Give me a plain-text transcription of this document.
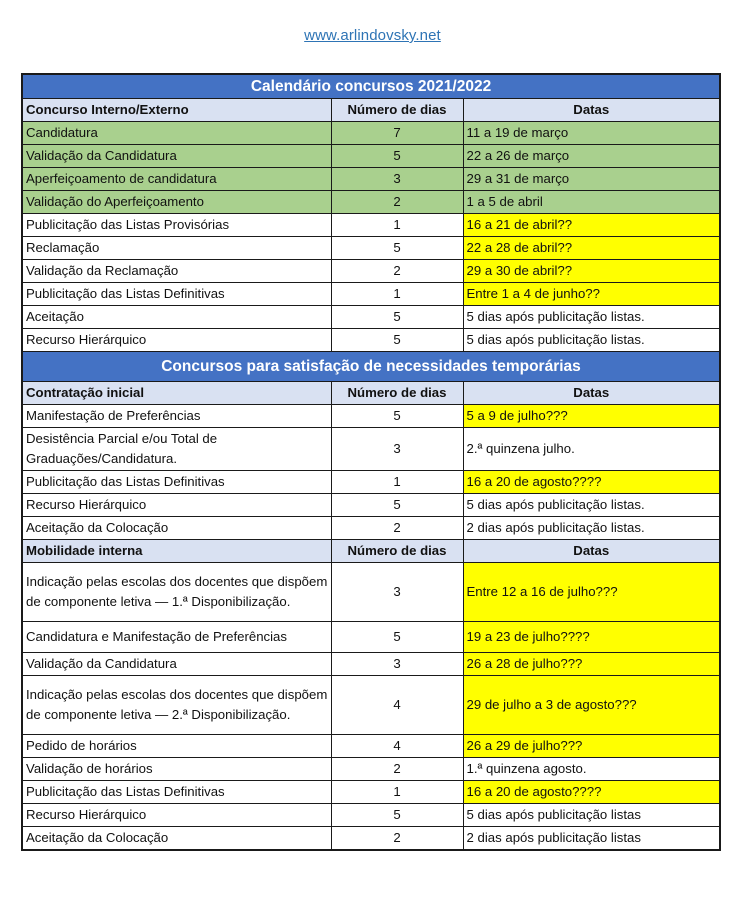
www.arlindovsky.net
Calendário concursos 2021/2022		
Concurso Interno/Externo	Número de dias	Datas
Candidatura	7	11 a 19 de março
Validação da Candidatura	5	22 a 26 de março
Aperfeiçoamento de candidatura	3	29 a 31 de março
Validação do Aperfeiçoamento	2	1 a 5 de abril
Publicitação das Listas Provisórias	1	16 a 21 de abril??
Reclamação	5	22 a 28 de abril??
Validação da Reclamação	2	29 a 30 de abril??
Publicitação das Listas Definitivas	1	Entre 1 a 4 de junho??
Aceitação	5	5 dias após publicitação listas.
Recurso Hierárquico	5	5 dias após publicitação listas.
Concursos para satisfação de necessidades temporárias		
Contratação inicial	Número de dias	Datas
Manifestação de Preferências	5	5 a 9 de julho???
Desistência Parcial e/ou Total de Graduações/Candidatura.	3	2.ª quinzena julho.
Publicitação das Listas Definitivas	1	16 a 20 de agosto????
Recurso Hierárquico	5	5 dias após publicitação listas.
Aceitação da Colocação	2	2 dias após publicitação listas.
Mobilidade interna	Número de dias	Datas
Indicação pelas escolas dos docentes que dispõem de componente letiva — 1.ª Disponibilização.	3	Entre 12 a 16 de julho???
Candidatura e Manifestação de Preferências	5	19 a 23 de julho????
Validação da Candidatura	3	26 a 28 de julho???
Indicação pelas escolas dos docentes que dispõem de componente letiva — 2.ª Disponibilização.	4	29 de julho a 3 de agosto???
Pedido de horários	4	26 a 29 de julho???
Validação de horários	2	1.ª quinzena agosto.
Publicitação das Listas Definitivas	1	16 a 20 de agosto????
Recurso Hierárquico	5	5 dias após publicitação listas
Aceitação da Colocação	2	2 dias após publicitação listas
